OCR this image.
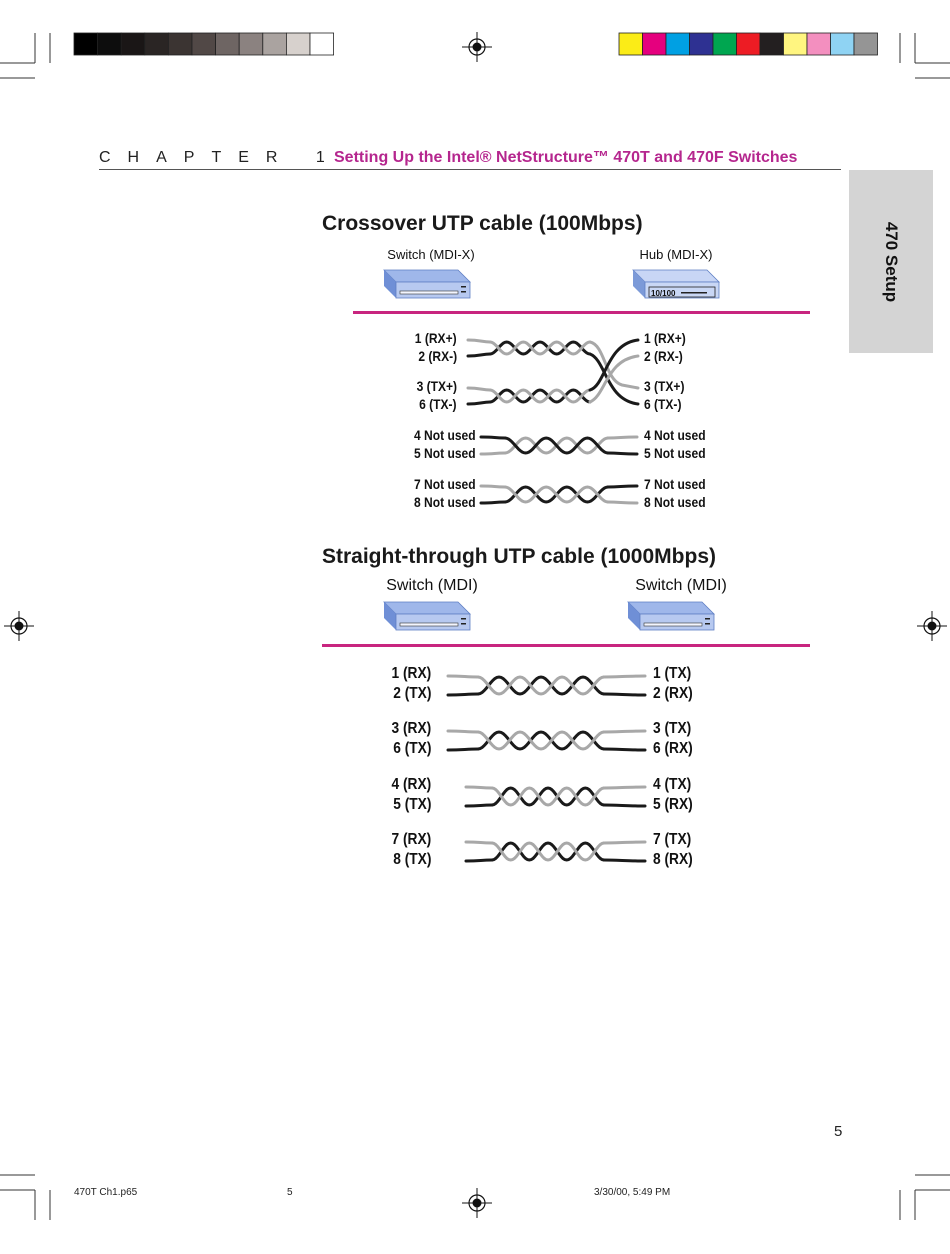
10/100
CHAPTER 1
Setting Up the Intel® NetStructure™ 470T and 470F Switches
470 Setup
Crossover UTP cable (100Mbps)
Switch (MDI-X)	Hub (MDI-X)
1 (RX+)
2 (RX-)
3 (TX+)
6 (TX-)
4 Not used
5 Not used
7 Not used
8 Not used
1 (RX+)
2 (RX-)
3 (TX+)
6 (TX-)
4 Not used
5 Not used
7 Not used
8 Not used
Straight-through UTP cable (1000Mbps)
Switch (MDI)	Switch (MDI)
1 (RX)
2 (TX)
3 (RX)
6 (TX)
4 (RX)
5 (TX)
7 (RX)
8 (TX)
1 (TX)
2 (RX)
3 (TX)
6 (RX)
4 (TX)
5 (RX)
7 (TX)
8 (RX)
5
470T Ch1.p65	5	3/30/00, 5:49 PM
